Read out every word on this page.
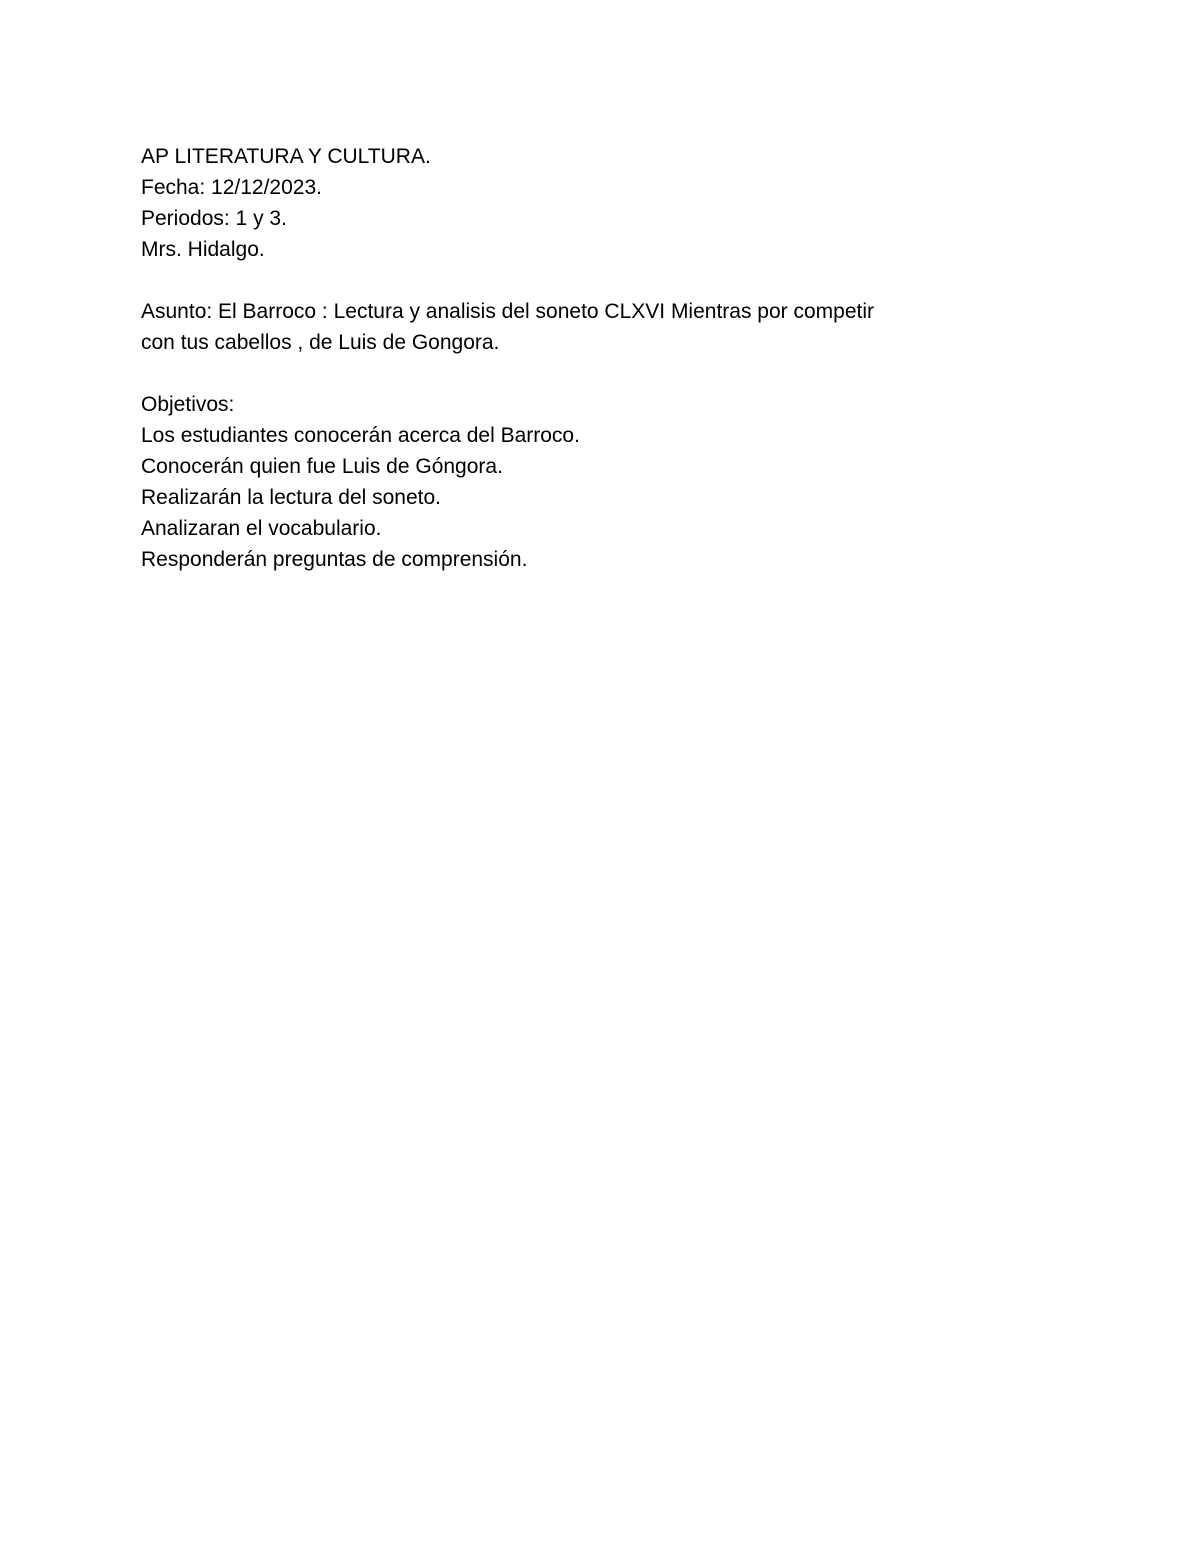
AP LITERATURA Y CULTURA.
Fecha: 12/12/2023.
Periodos: 1 y 3.
Mrs. Hidalgo.
Asunto: El Barroco : Lectura y analisis del soneto CLXVI Mientras por competir
con tus cabellos , de Luis de Gongora.
Objetivos:
Los estudiantes conocerán acerca del Barroco.
Conocerán quien fue Luis de Góngora.
Realizarán la lectura del soneto.
Analizaran el vocabulario.
Responderán preguntas de comprensión.
